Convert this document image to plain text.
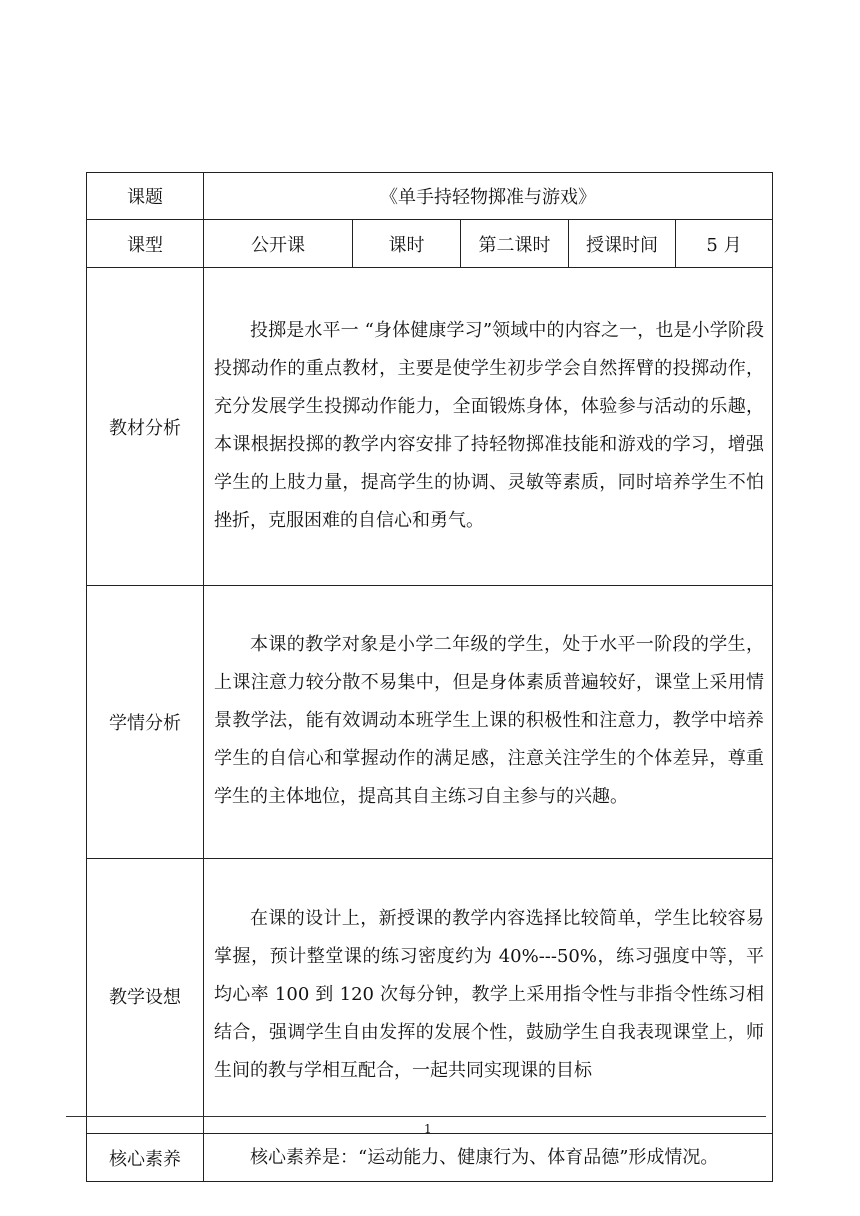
课题	《单手持轻物掷准与游戏》				
课型	公开课	课时	第二课时	授课时间	5 月
教材分析	投掷是水平一 “身体健康学习”领域中的内容之一，也是小学阶段投掷动作的重点教材，主要是使学生初步学会自然挥臂的投掷动作，充分发展学生投掷动作能力，全面锻炼身体，体验参与活动的乐趣，本课根据投掷的教学内容安排了持轻物掷准技能和游戏的学习，增强学生的上肢力量，提高学生的协调、灵敏等素质，同时培养学生不怕挫折，克服困难的自信心和勇气。				
学情分析	本课的教学对象是小学二年级的学生，处于水平一阶段的学生，上课注意力较分散不易集中，但是身体素质普遍较好，课堂上采用情景教学法，能有效调动本班学生上课的积极性和注意力，教学中培养学生的自信心和掌握动作的满足感，注意关注学生的个体差异，尊重学生的主体地位，提高其自主练习自主参与的兴趣。				
教学设想	在课的设计上，新授课的教学内容选择比较简单，学生比较容易掌握，预计整堂课的练习密度约为 40%---50%，练习强度中等，平均心率 100 到 120 次每分钟，教学上采用指令性与非指令性练习相结合，强调学生自由发挥的发展个性，鼓励学生自我表现课堂上，师生间的教与学相互配合，一起共同实现课的目标				
核心素养	核心素养是：“运动能力、健康行为、体育品德”形成情况。				
1
